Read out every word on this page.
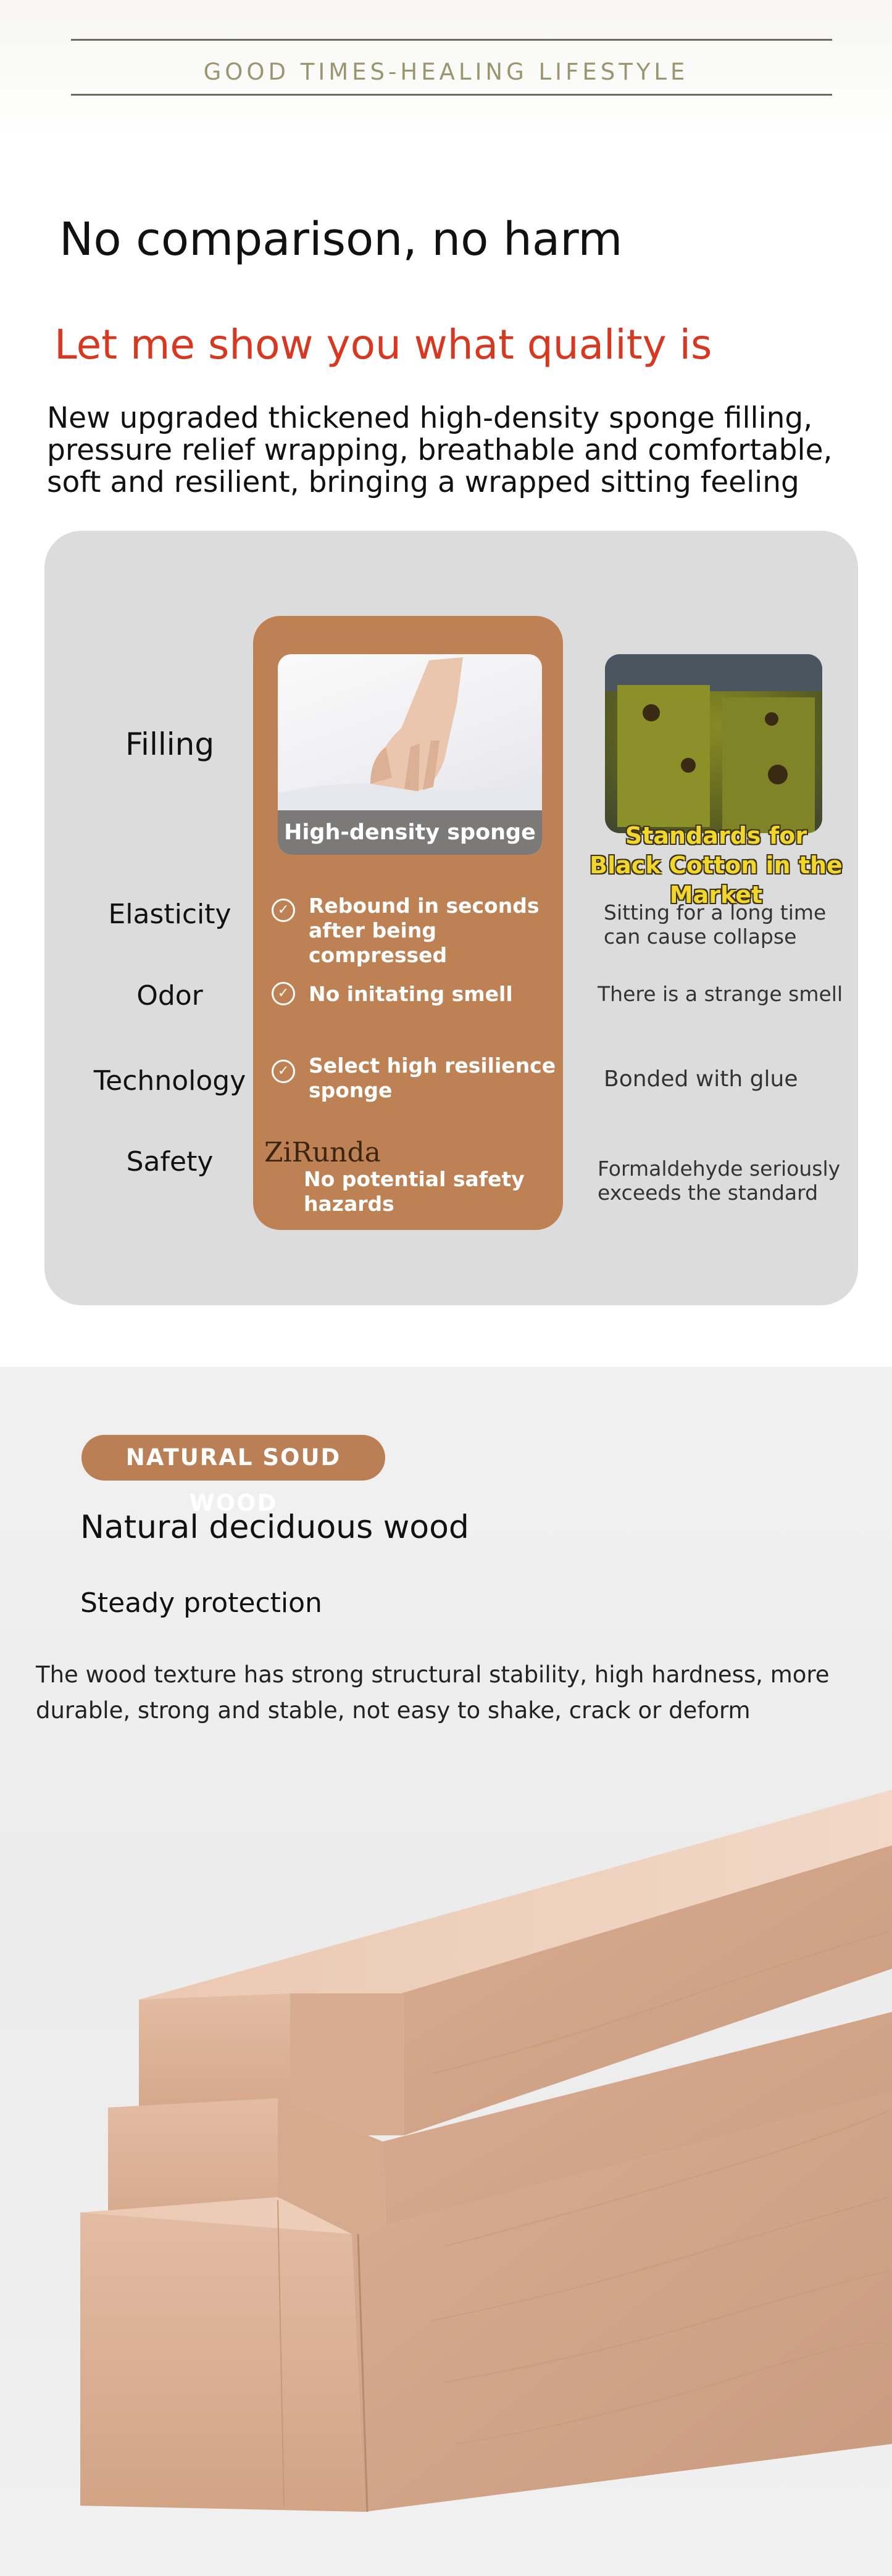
GOOD TIMES-HEALING LIFESTYLE
No comparison, no harm
Let me show you what quality is
New upgraded thickened high-density sponge filling, pressure relief wrapping, breathable and comfortable, soft and resilient, bringing a wrapped sitting feeling
Filling
Elasticity
Odor
Technology
Safety
High-density sponge	Standards for Black Cotton in the Market
✓ Rebound in seconds after being compressed
✓ No initating smell
✓ Select high resilience sponge
ZiRunda
No potential safety hazards
Sitting for a long time can cause collapse
There is a strange smell
Bonded with glue
Formaldehyde seriously exceeds the standard
NATURAL SOUD WOOD
Natural deciduous wood
Steady protection
The wood texture has strong structural stability, high hardness, more durable, strong and stable, not easy to shake, crack or deform
